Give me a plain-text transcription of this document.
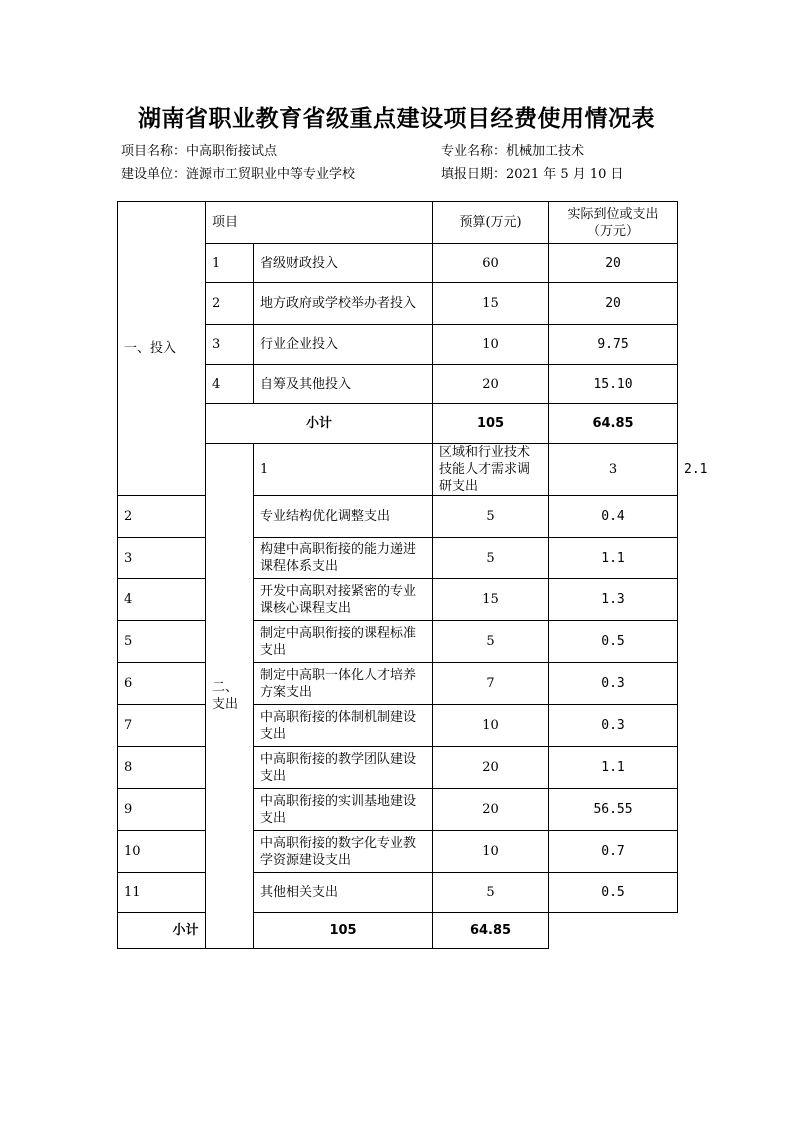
湖南省职业教育省级重点建设项目经费使用情况表
项目名称：中高职衔接试点	专业名称：机械加工技术
建设单位：涟源市工贸职业中等专业学校	填报日期：2021 年 5 月 10 日
一、投入	项目		预算(万元)	实际到位或支出（万元）	
	1	省级财政投入	60	20	
	2	地方政府或学校举办者投入	15	20	
	3	行业企业投入	10	9.75	
	4	自筹及其他投入	20	15.10	
	小计		105	64.85	
	二、支出	1	区域和行业技术技能人才需求调研支出	3	2.1
2		专业结构优化调整支出	5	0.4	
3		构建中高职衔接的能力递进课程体系支出	5	1.1	
4		开发中高职对接紧密的专业课核心课程支出	15	1.3	
5		制定中高职衔接的课程标准支出	5	0.5	
6		制定中高职一体化人才培养方案支出	7	0.3	
7		中高职衔接的体制机制建设支出	10	0.3	
8		中高职衔接的教学团队建设支出	20	1.1	
9		中高职衔接的实训基地建设支出	20	56.55	
10		中高职衔接的数字化专业教学资源建设支出	10	0.7	
11		其他相关支出	5	0.5	
小计		105	64.85		
